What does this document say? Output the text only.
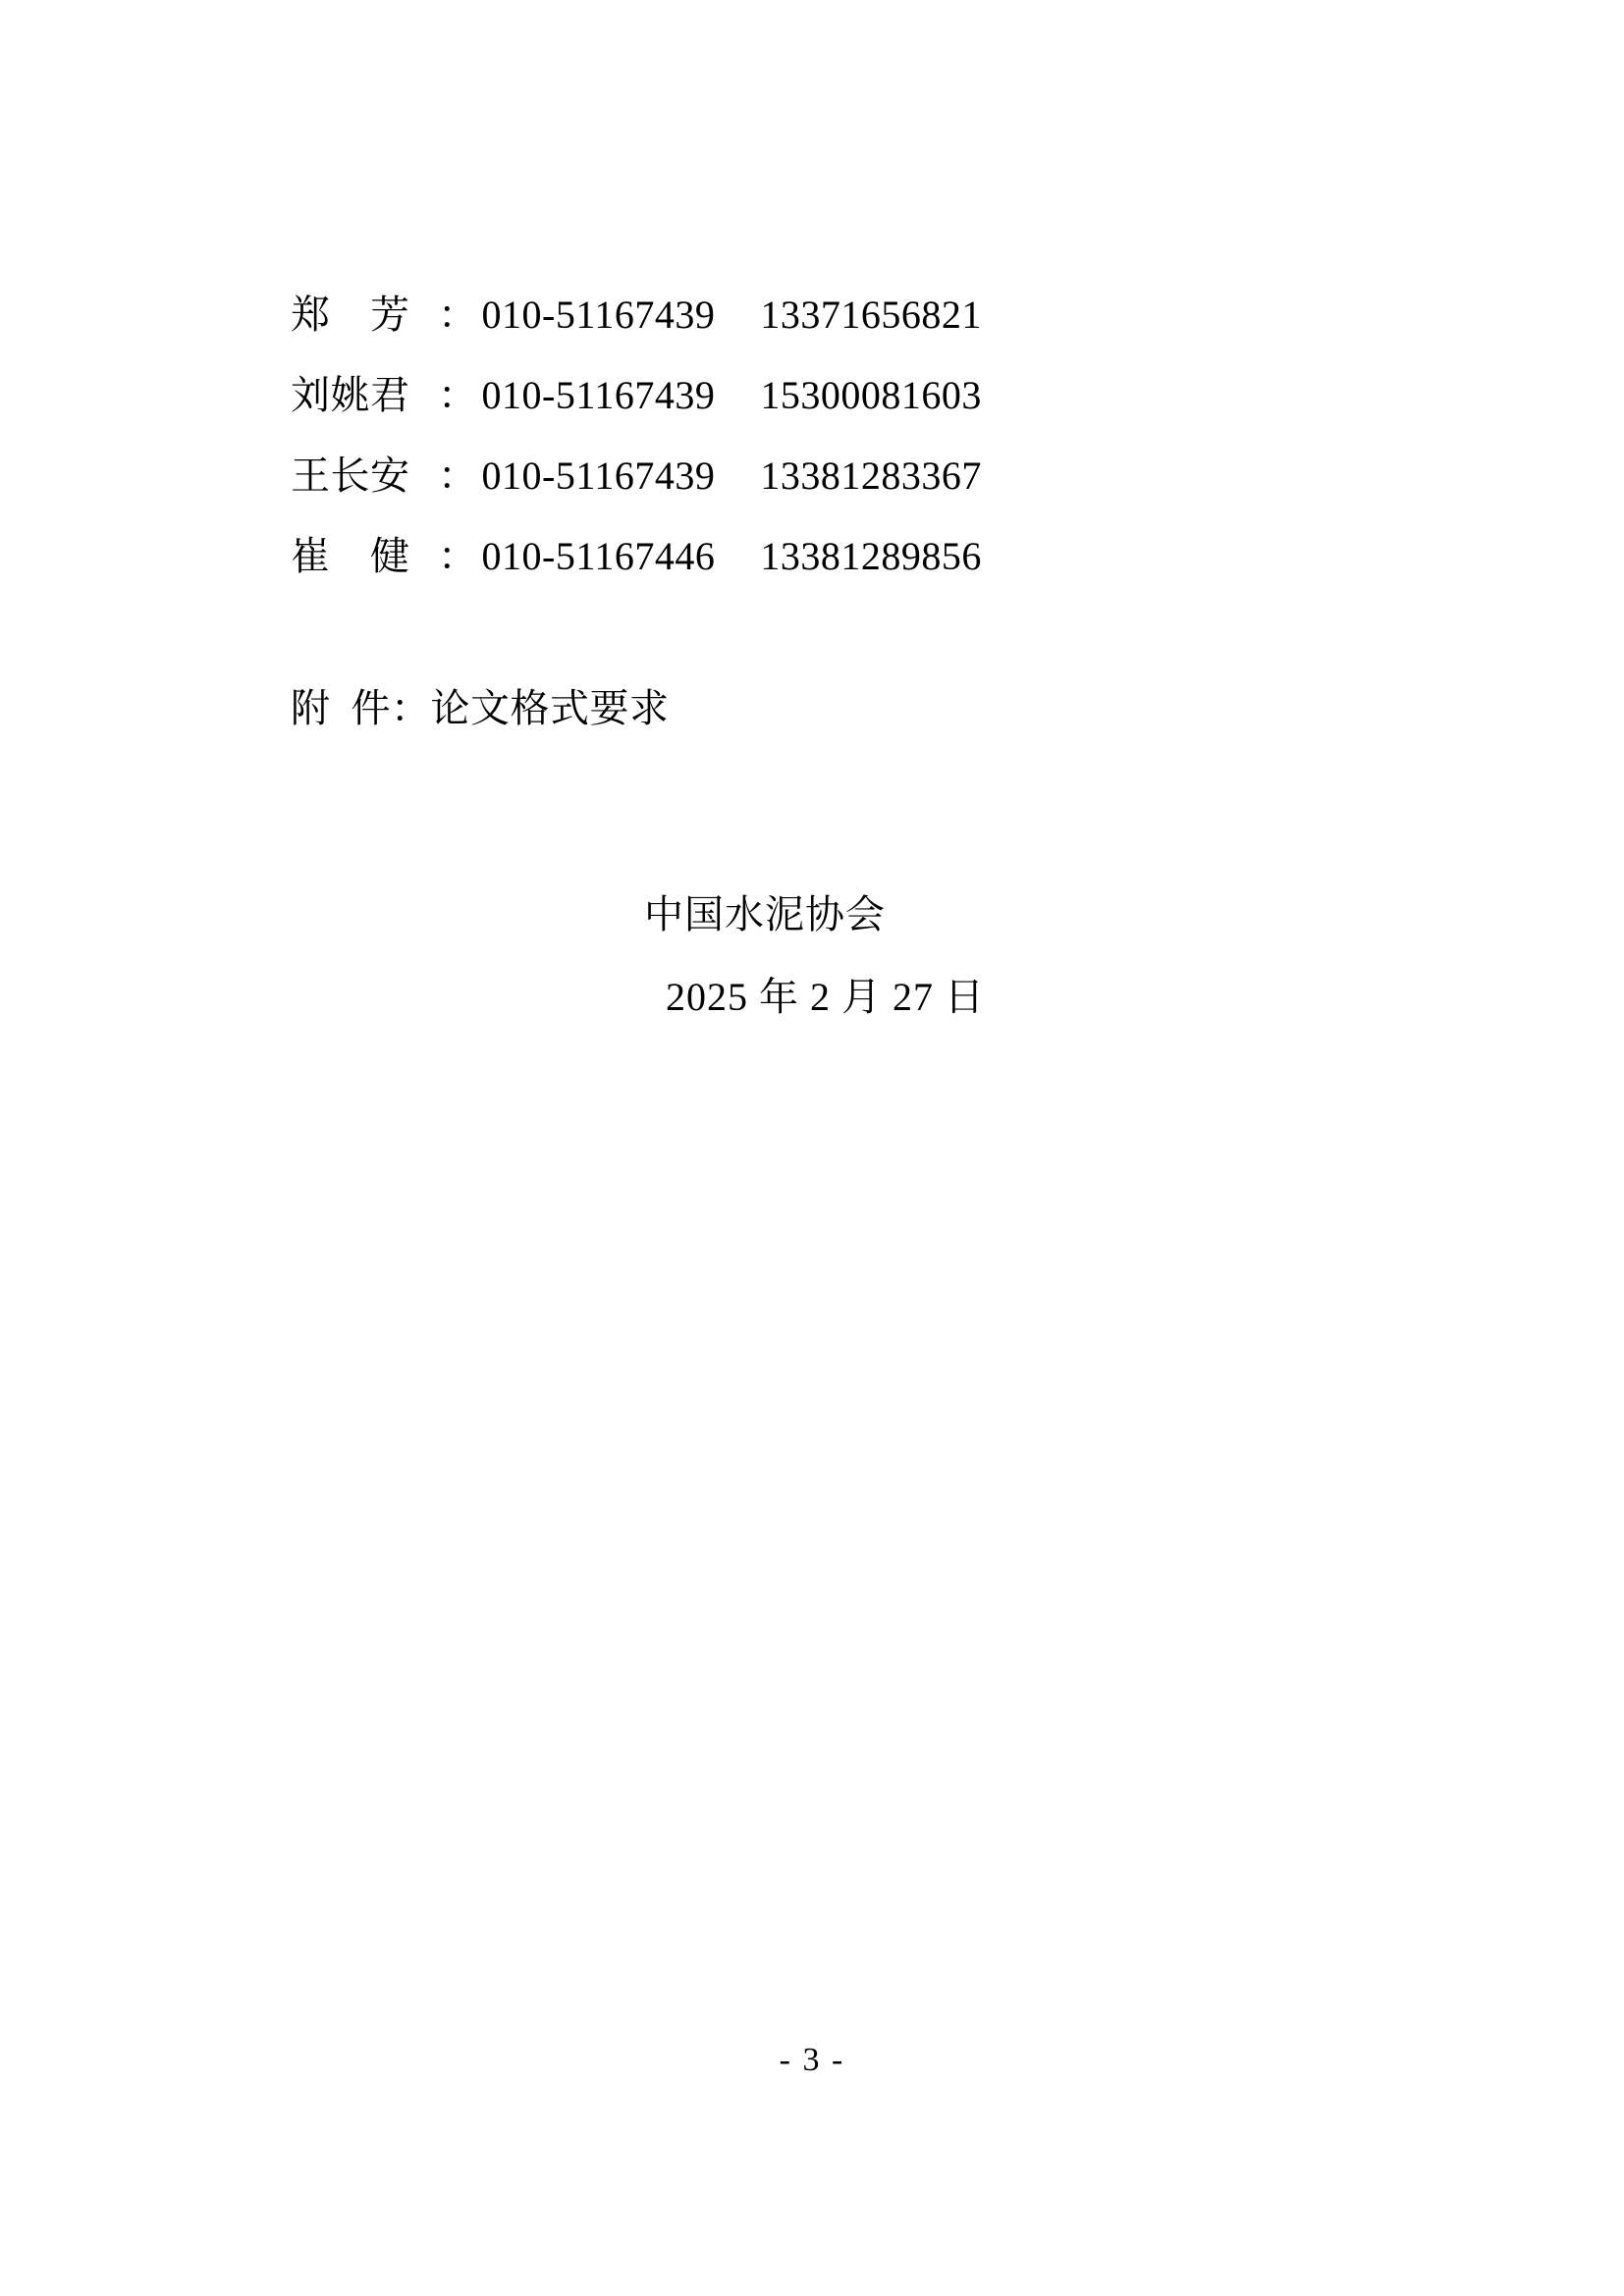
郑　芳 ： 010-51167439 13371656821
刘姚君 ： 010-51167439 15300081603
王长安 ： 010-51167439 13381283367
崔　健 ： 010-51167446 13381289856
附  件：论文格式要求
中国水泥协会
2025 年 2 月 27 日
- 3 -
